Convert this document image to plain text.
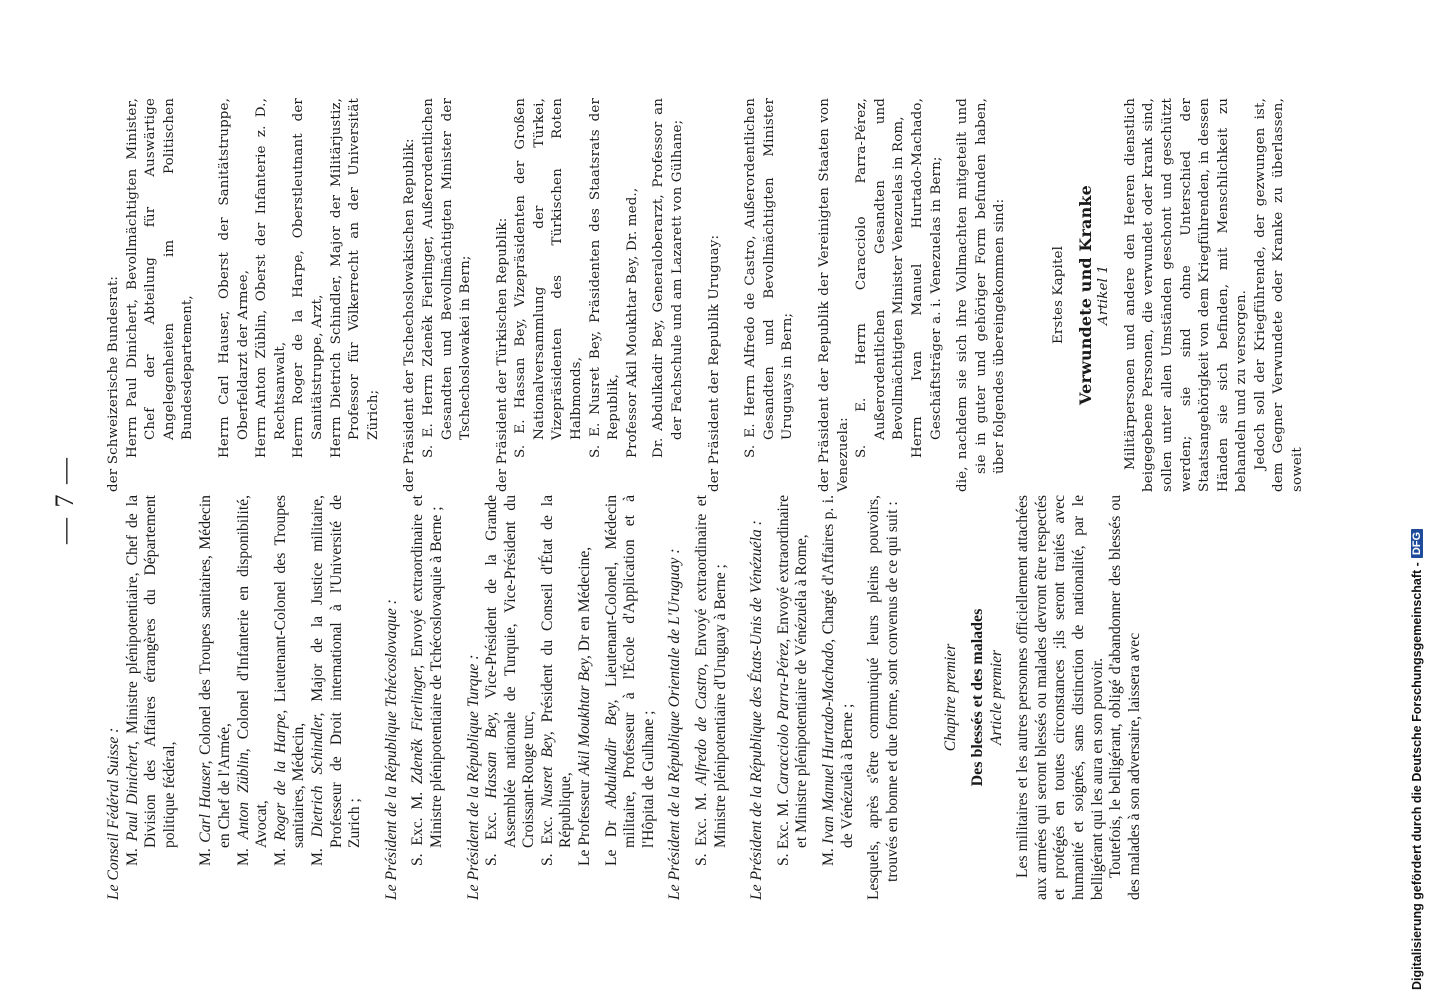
— 7 —

Le Conseil Fédéral Suisse : M. Paul Dinichert, Ministre plénipotentiaire, Chef de la Division des Affaires étrangères du Département politique fédéral,

M. Carl Hauser, Colonel des Troupes sanitaires, Médecin en Chef de l'Armée,

M. Anton Züblin, Colonel d'Infanterie en disponibilité, Avocat,

M. Roger de la Harpe, Lieutenant-Colonel des Troupes sanitaires, Médecin,

M. Dietrich Schindler, Major de la Justice militaire, Professeur de Droit international à l'Université de Zurich ; Le Président de la République Tchécoslovaque : S. Exc. M. Zdeněk Fierlinger, Envoyé extraordinaire et Ministre plénipotentiaire de Tchécoslovaquie à Berne ; Le Président de la République Turque : S. Exc. Hassan Bey, Vice-Président de la Grande Assemblée nationale de Turquie, Vice-Président du Croissant-Rouge turc, S. Exc. Nusret Bey, Président du Conseil d'État de la République, Le Professeur Akil Moukhtar Bey, Dr en Médecine,

Le Dr Abdulkadir Bey, Lieutenant-Colonel, Médecin militaire, Professeur à l'École d'Application et à l'Hôpital de Gulhane ; Le Président de la République Orientale de L'Uruguay : S. Exc. M. Alfredo de Castro, Envoyé extraordinaire et Ministre plénipotentiaire d'Uruguay à Berne ; Le Président de la République des États-Unis de Vénézuéla : S. Exc. M. Caracciolo Parra-Pérez, Envoyé extraordinaire et Ministre plénipotentiaire de Vénézuéla à Rome,

M. Ivan Manuel Hurtado-Machado, Chargé d'Affaires p. i. de Vénézuéla à Berne ; Lesquels, après s'être communiqué leurs pleins pouvoirs, trouvés en bonne et due forme, sont convenus de ce qui suit :	Chapitre premier Des blessés et des malades Article premier Les militaires et les autres personnes officiellement attachées aux armées qui seront blessés ou malades devront être respectés et protégés en toutes circonstances ;ils seront traités avec humanité et soignés, sans distinction de nationalité, par le belligérant qui les aura en son pouvoir. Toutefois, le belligérant, obligé d'abandonner des blessés ou des malades à son adversaire, laissera avec

der Schweizerische Bundesrat: Herrn Paul Dinichert, Bevollmächtigten Minister, Chef der Abteilung für Auswärtige Angelegenheiten im Politischen Bundesdepartement, Herrn Carl Hauser, Oberst der Sanitätstruppe, Oberfeldarzt der Armee, Herrn Anton Züblin, Oberst der Infanterie z. D., Rechtsanwalt, Herrn Roger de la Harpe, Oberstleutnant der Sanitätstruppe, Arzt, Herrn Dietrich Schindler, Major der Militärjustiz, Professor für Völkerrecht an der Universität Zürich; der Präsident der Tschechoslowakischen Republik: S. E. Herrn Zdeněk Fierlinger, Außerordentlichen Gesandten und Bevollmächtigten Minister der Tschechoslowakei in Bern; der Präsident der Türkischen Republik: S. E. Hassan Bey, Vizepräsidenten der Großen Nationalversammlung der Türkei, Vizepräsidenten des Türkischen Roten Halbmonds, S. E. Nusret Bey, Präsidenten des Staatsrats der Republik, Professor Akil Moukhtar Bey, Dr. med., Dr. Abdulkadir Bey, Generaloberarzt, Professor an der Fachschule und am Lazarett von Gülhane; der Präsident der Republik Uruguay: S. E. Herrn Alfredo de Castro, Außerordentlichen Gesandten und Bevollmächtigten Minister Uruguays in Bern; der Präsident der Republik der Vereinigten Staaten von Venezuela: S. E. Herrn Caracciolo Parra-Pérez, Außerordentlichen Gesandten und Bevollmächtigten Minister Venezuelas in Rom, Herrn Ivan Manuel Hurtado-Machado, Geschäftsträger a. i. Venezuelas in Bern; die, nachdem sie sich ihre Vollmachten mitgeteilt und sie in guter und gehöriger Form befunden haben, über folgendes übereingekommen sind:	Erstes Kapitel Verwundete und Kranke Artikel 1 Militärpersonen und andere den Heeren dienstlich beigegebene Personen, die verwundet oder krank sind, sollen unter allen Umständen geschont und geschützt werden; sie sind ohne Unterschied der Staatsangehörigkeit von dem Kriegführenden, in dessen Händen sie sich befinden, mit Menschlichkeit zu behandeln und zu versorgen. Jedoch soll der Kriegführende, der gezwungen ist, dem Gegner Verwundete oder Kranke zu überlassen, soweit

Digitalisierung gefördert durch die Deutsche Forschungsgemeinschaft -
DFG
